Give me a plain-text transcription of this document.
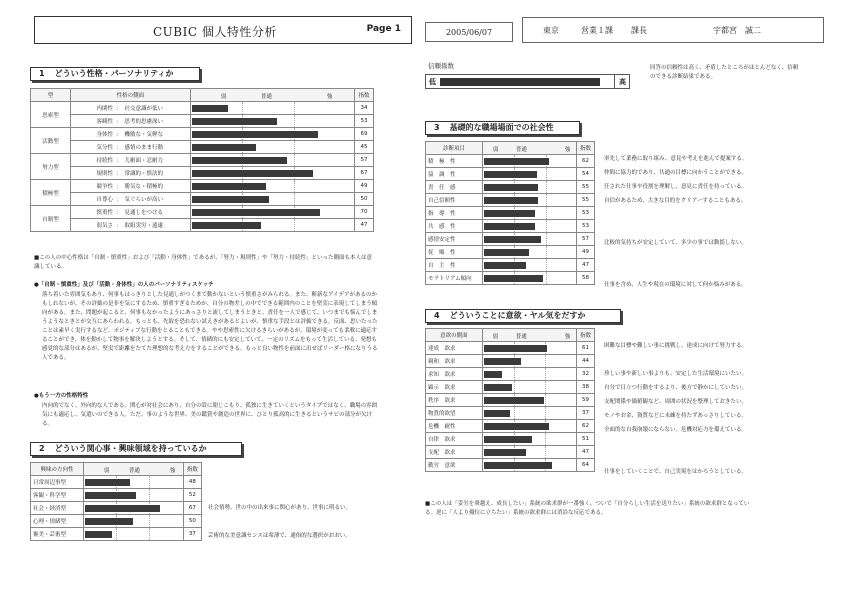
CUBIC 個人特性分析	Page 1	2005/06/07	東京	営業１課 課長	宇都宮　誠二
1 どういう性格・パーソナリティか
型	性格の側面	弱 普通 強	指数
思索型	内閉性 ： 社交意識が低い		34
	客観性 ： 思考的思慮深い		53
活動型	身体性 ： 機敏な・気軽な		69
	気分性 ： 感情のまま行動		45
努力型	持続性 ： 儿帳面・忍耐力		57
	規則性 ： 常識的・慎法的		67
積極型	競争性 ： 勝気な・積極的		49
	自尊心 ： 気ぐらいが高い		50
自制型	慎重性 ： 見通しをつける		70
	弱気さ ： 取組実穷・遠逮		47
■この人の中心性格は「自制・慎重性」および「活動・身体性」であるが、「努力・規則性」や「努力・持続性」といった側面も本人は意識している。
●「自制・慎重性」及び「活動・身体性」の人のパーソナリティスケッチ
落ち着いた雰囲気もあり、何事もはっきりとした見通しがつくまで動かないという慎重さがみられる。また、斬新なアイデアがあるのかもしれないが、その評価の是非を気にするため、慎重すぎるためか、自分の物差しの中でできる範囲内のことを堅実に表現してしまう傾向がある。また、問題が起こると、何事もなかったようにあっさりと流してしまうときと、責任を一人で感じて、いつまでも悩んでしまうようなときとが交互にあらわれる。もっとも、先取を恐れない試えきがあるとよいが、慎重な手段とは評価できる。反面、思いたったことは素早く実行するなど、ポジティブな行動をとることもできる。やや思索性に欠けるきらいがあるが、環境が変っても柔軟に適応することができ、体を動かして物事を解決しようとする。そして、情緒的にも安定していて、一定のリズムをもって生活している。発想も感覚的な部分はあるが、堅実で距離をたてた理想的な考え方をすることができる。もっと良い物性を前面に出せばリーダー格になりうる人である。
●もう一方の性格特性
内向的でなく、外向的な人である。関心が対社会にあり、自分の殻に閉じこもり、孤独に生きていくというタイプではなく、職場の雰囲気にも適応し、気遣いのできる人。ただ、事のような世界、美の鑑賞や創造の世界に、ひとり孤高的に生きるというサビの部分が欠ける。
2 どういう関心事・興味領域を持っているか
興味の方向性	弱 普通 強	指数
日常周辺事型		48
客観・科学型		52
社会・経済型		67
心理・情緒型		50
審美・芸術型		37
社会情勢、世の中の出来事に関心があり、世事に明るい。
芸術的な美意識センスは希薄で、通俗的な選択がおおい。
信頼係数
低	高
回答の信頼性は高く、矛盾したところがほとんどなく、信頼のできる診断結果である。
3 基礎的な職場場面での社会性
診断項目	弱 普通 強	指数
積　極　性		62
協　調　性		54
責　任　感		55
自己信頼性		55
指　導　性		53
共　感　性		53
感情安定性		57
従　順　性		49
自　主　性		47
モラトリアム傾向		58
率先して業務に取り組み、意見や考えを進んで提案する。
仲間に協力的であり、共通の目標に向かうことができる。
任された仕事や役割を理解し、意見に責任を持っている。
自信があるため、大きな目的をクリアーすることもある。
比較的気持ちが安定していて、多少の事では動揺しない。
仕事を含め、人生や現在の環境に対して何か悩みがある。
4 どういうことに意欲・ヤル気をだすか
意欲の側面	弱 普通 強	指数
達成　欲求		61
親和　欲求		44
求知　欲求		32
顕示　欲求		38
秩序　欲求		59
物質的欲望		37
危機　耐性		62
自律　欲求		51
支配　欲求		47
勤労　意欲		64
困難な目標や難しい事に挑戦し、達成に向けて努力する。
珍しい事や新しい事よりも、安定した生活環境にいたい。
自分で目立つ行動をするより、後方で静かにしていたい。
支配関係や価値観など、周囲の状況を整理しておきたい。
モノやお金、資質などに未練を持たずあっさりしている。
全面的な自我崩壊にならない。危機対応力を備えている。
仕事をしていくことで、自己実現をはかろうとしている。
■この人は「妥労を乗越え、成長したい」系統の欲求群が一番強く、ついで「自分らしい生活を送りたい」系統の欲求群となっている。逆に「人より優位に立ちたい」系統の欲求群には消沿な反応である。
